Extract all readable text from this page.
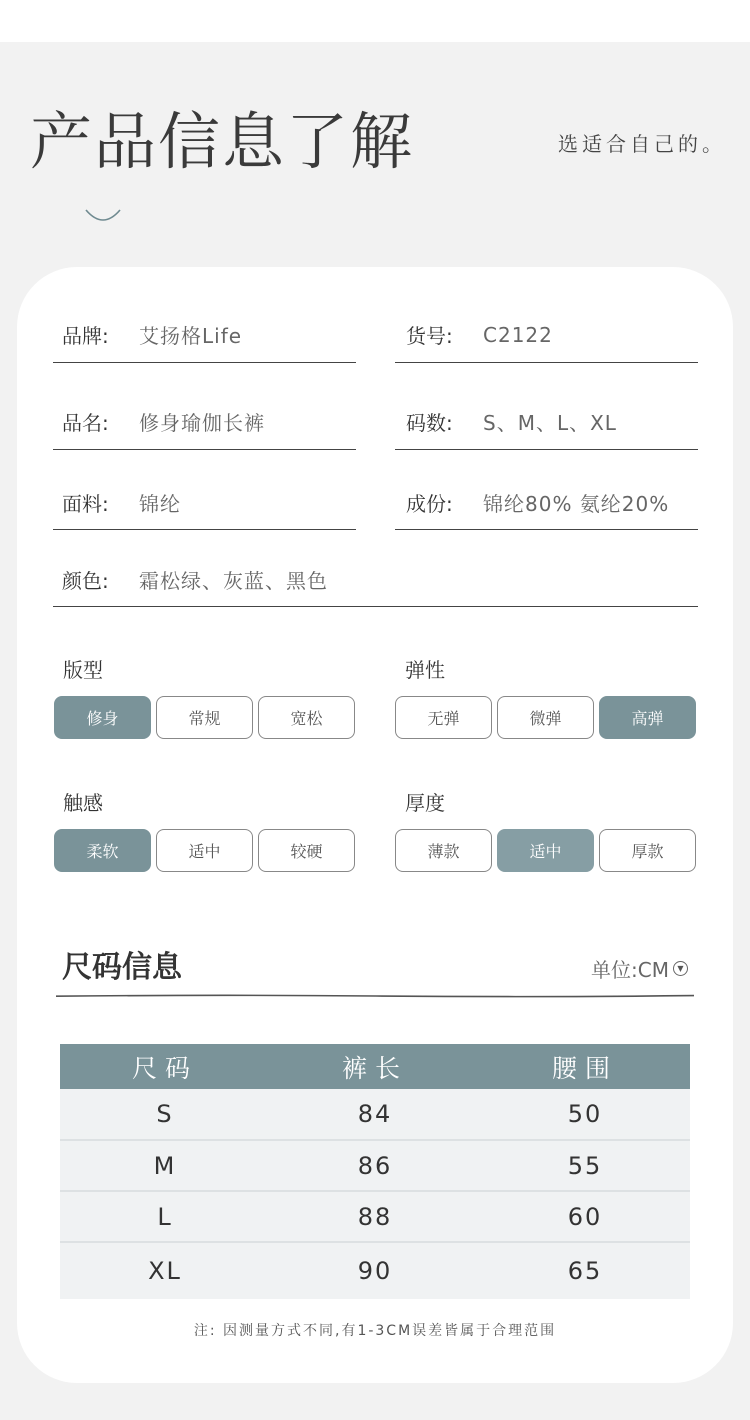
产品信息了解	选适合自己的。
品牌:	艾扬格Life	货号:	C2122
品名:	修身瑜伽长裤	码数:	S、M、L、XL
面料:	锦纶	成份:	锦纶80% 氨纶20%
颜色:	霜松绿、灰蓝、黑色
版型
修身	常规	宽松
弹性
无弹	微弹	高弹
触感
柔软	适中	较硬
厚度
薄款	适中	厚款
尺码信息	单位:CM	▼
尺码	裤长	腰围
S	84	50
M	86	55
L	88	60
XL	90	65
注: 因测量方式不同,有1-3CM误差皆属于合理范围
